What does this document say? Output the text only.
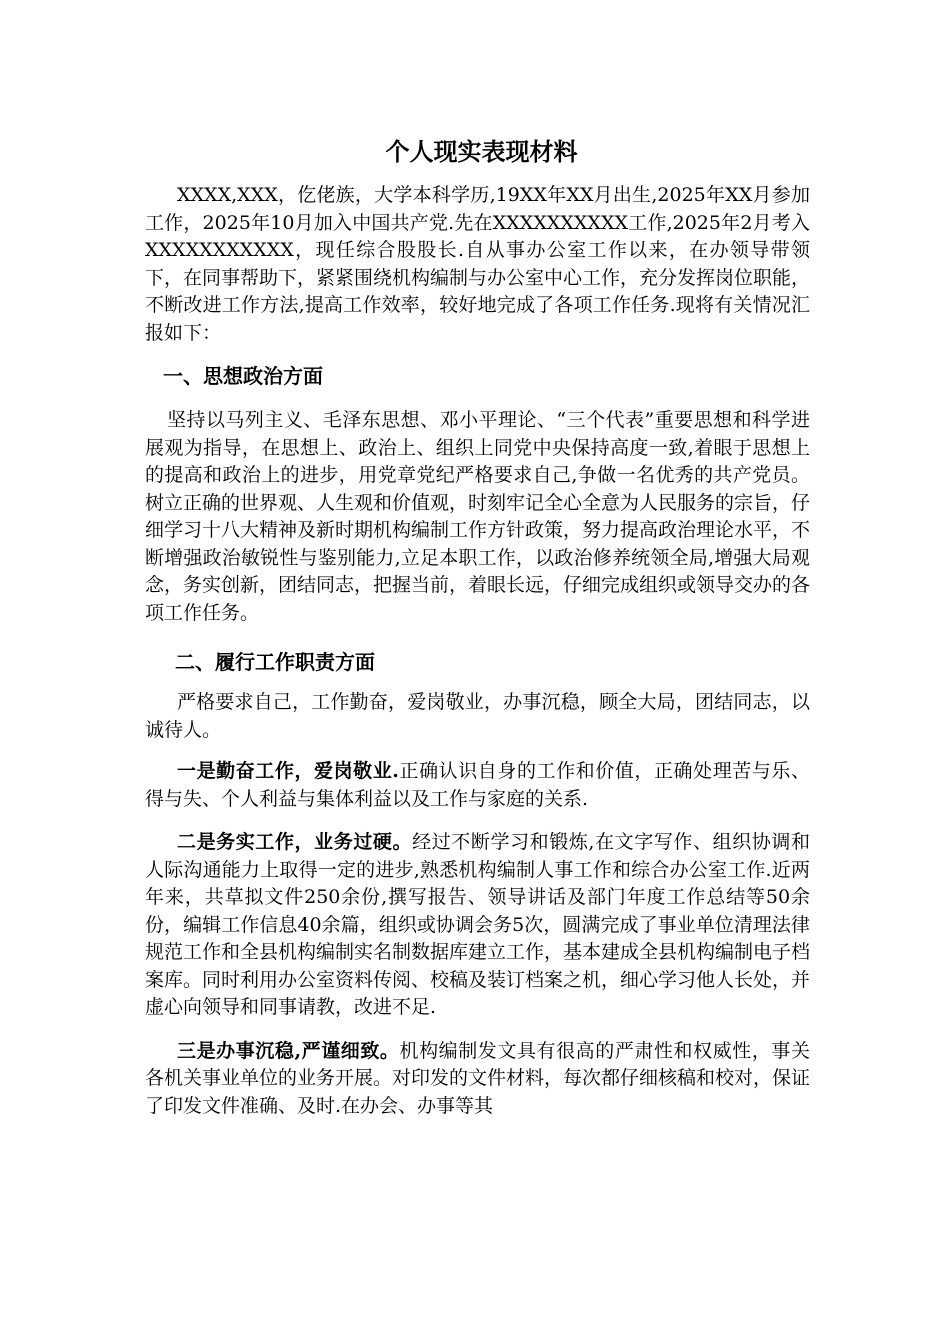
个人现实表现材料

XXXX,XXX，仡佬族，大学本科学历,19XX年XX月出生,2025年XX月参加工作，2025年10月加入中国共产党.先在XXXXXXXXXX工作,2025年2月考入XXXXXXXXXXX，现任综合股股长.自从事办公室工作以来，在办领导带领下，在同事帮助下，紧紧围绕机构编制与办公室中心工作，充分发挥岗位职能，不断改进工作方法,提高工作效率，较好地完成了各项工作任务.现将有关情况汇报如下：

一、思想政治方面

坚持以马列主义、毛泽东思想、邓小平理论、“三个代表”重要思想和科学进展观为指导，在思想上、政治上、组织上同党中央保持高度一致,着眼于思想上的提高和政治上的进步，用党章党纪严格要求自己,争做一名优秀的共产党员。树立正确的世界观、人生观和价值观，时刻牢记全心全意为人民服务的宗旨，仔细学习十八大精神及新时期机构编制工作方针政策，努力提高政治理论水平，不断增强政治敏锐性与鉴别能力,立足本职工作，以政治修养统领全局,增强大局观念，务实创新，团结同志，把握当前，着眼长远，仔细完成组织或领导交办的各项工作任务。

二、履行工作职责方面

严格要求自己，工作勤奋，爱岗敬业，办事沉稳，顾全大局，团结同志，以诚待人。

一是勤奋工作，爱岗敬业.正确认识自身的工作和价值，正确处理苦与乐、得与失、个人利益与集体利益以及工作与家庭的关系.

二是务实工作，业务过硬。经过不断学习和锻炼,在文字写作、组织协调和人际沟通能力上取得一定的进步,熟悉机构编制人事工作和综合办公室工作.近两年来，共草拟文件250余份,撰写报告、领导讲话及部门年度工作总结等50余份，编辑工作信息40余篇，组织或协调会务5次，圆满完成了事业单位清理法律规范工作和全县机构编制实名制数据库建立工作，基本建成全县机构编制电子档案库。同时利用办公室资料传阅、校稿及装订档案之机，细心学习他人长处，并虚心向领导和同事请教，改进不足.

三是办事沉稳,严谨细致。机构编制发文具有很高的严肃性和权威性，事关各机关事业单位的业务开展。对印发的文件材料，每次都仔细核稿和校对，保证了印发文件准确、及时.在办会、办事等其
